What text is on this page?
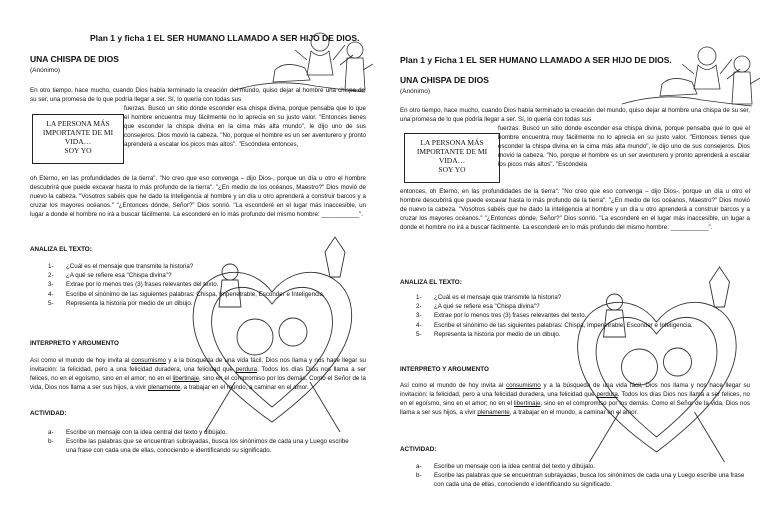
Plan 1 y ficha 1 EL SER HUMANO LLAMADO A SER HIJO DE DIOS.
UNA CHISPA DE DIOS
(Anónimo)
En otro tiempo, hace mucho, cuando Dios había terminado la creación del mundo, quiso dejar al hombre una chispa de su ser, una promesa de lo que podría llegar a ser. Sí, lo quería con todas sus
LA PERSONA MÁS IMPORTANTE DE MI VIDA…
SOY YO
fuerzas. Buscó un sitio dónde esconder esa chispa divina, porque pensaba que lo que el hombre encuentra muy fácilmente no lo aprecia en su justo valor. "Entonces tienes que esconder la chispa divina en la cima más alta mundo", le dijo uno de sus consejeros. Dios movió la cabeza. "No, porque el hombre es un ser aventurero y pronto aprenderá a escalar los picos más altos". "Escóndela entonces,
oh Eterno, en las profundidades de la tierra". "No creo que eso convenga – dijo Dios-, porque un día u otro el hombre descubrirá que puede excavar hasta lo más profundo de la tierra". "¿En medio de los océanos, Maestro?" Dios movió de nuevo la cabeza. "Vosotros sabéis que he dado la inteligencia al hombre y un día u otro aprenderá a construir barcos y a cruzar los mayores océanos." "¿Entonces dónde, Señor?" Dios sonrió. "La esconderé en el lugar más inaccesible, un lugar a donde el hombre no irá a buscar fácilmente. La esconderé en lo más profundo del mismo hombre: ___________".
ANALIZA EL TEXTO:
1-	¿Cuál es el mensaje que transmite la historia?
2-	¿A qué se refiere esa "Chispa divina"?
3-	Extrae por lo menos tres (3) frases relevantes del texto.
4-	Escribe el sinónimo de las siguientes palabras: Chispa, Impenetrable, Esconder e Inteligencia.
5-	Representa la historia por medio de un dibujo.
INTERPRETO Y ARGUMENTO
Así como el mundo de hoy invita al consumismo y a la búsqueda de una vida fácil, Dios nos llama y nos hace llegar su invitación: la felicidad, pero a una felicidad duradera, una felicidad que perdura. Todos los días Dios nos llama a ser felices, no en el egoísmo, sino en el amor; no en el libertinaje, sino en el compromiso por los demás. Como el Señor de la vida, Dios nos llama a ser sus hijos, a vivir plenamente, a trabajar en el mundo, a caminar en el amor.
ACTIVIDAD:
a-	Escribe un mensaje con la idea central del texto y dibújalo.
b-	Escribe las palabras que se encuentran subrayadas, busca los sinónimos de cada una y Luego escribe una frase con cada una de ellas, conociendo e identificando su significado.
Plan 1 y Ficha 1 EL SER HUMANO LLAMADO A SER HIJO DE DIOS.
UNA CHISPA DE DIOS
(Anónimo)
En otro tiempo, hace mucho, cuando Dios había terminado la creación del mundo, quiso dejar al hombre una chispa de su ser, una promesa de lo que podría llegar a ser. Sí, lo quería con todas sus
LA PERSONA MÁS IMPORTANTE DE MI VIDA…
SOY YO
fuerzas. Buscó un sitio dónde esconder esa chispa divina, porque pensaba que lo que el hombre encuentra muy fácilmente no lo aprecia en su justo valor. "Entonces tienes que esconder la chispa divina en la cima más alta mundo", le dijo uno de sus consejeros. Dios movió la cabeza. "No, porque el hombre es un ser aventurero y pronto aprenderá a escalar los picos más altos". "Escóndela
entonces, oh Eterno, en las profundidades de la tierra". "No creo que eso convenga – dijo Dios-, porque un día u otro el hombre descubrirá que puede excavar hasta lo más profundo de la tierra". "¿En medio de los océanos, Maestro?" Dios movió de nuevo la cabeza. "Vosotros sabéis que he dado la inteligencia al hombre y un día u otro aprenderá a construir barcos y a cruzar los mayores océanos." "¿Entonces dónde, Señor?" Dios sonrió. "La esconderé en el lugar más inaccesible, un lugar a donde el hombre no irá a buscar fácilmente. La esconderé en lo más profundo del mismo hombre: ___________".
ANALIZA EL TEXTO:
1-	¿Cuál es el mensaje que transmite la historia?
2-	¿A qué se refiere esa "Chispa divina"?
3-	Extrae por lo menos tres (3) frases relevantes del texto.
4-	Escribe el sinónimo de las siguientes palabras: Chispa, Impenetrable, Esconder e Inteligencia.
5-	Representa la historia por medio de un dibujo.
INTERPRETO Y ARGUMENTO
Así como el mundo de hoy invita al consumismo y a la búsqueda de una vida fácil, Dios nos llama y nos hace llegar su invitación: la felicidad, pero a una felicidad duradera, una felicidad que perdura. Todos los días Dios nos llama a ser felices, no en el egoísmo, sino en el amor; no en el libertinaje, sino en el compromiso por los demás. Como el Señor de la vida, Dios nos llama a ser sus hijos, a vivir plenamente, a trabajar en el mundo, a caminar en el amor.
ACTIVIDAD:
a-	Escribe un mensaje con la idea central del texto y dibújalo.
b-	Escribe las palabras que se encuentran subrayadas, busca los sinónimos de cada una y Luego escribe una frase con cada una de ellas, conociendo e identificando su significado.
